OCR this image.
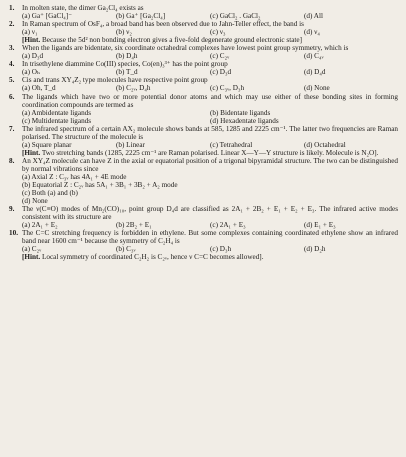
1.	In molten state, the dimer Ga₂Cl₄ exists as
(a) Ga⁺ [GaCl₄]⁻	(b) Ga⁺ [Ga₂Cl₄]	(c) GaCl₂ . GaCl₂	(d) All
2.	In Raman spectrum of OsF₄, a broad band has been observed due to Jahn-Teller effect, the band is
(a) ν₁	(b) ν₂	(c) ν₃	(d) ν₄
[Hint. Because the 5d² non bonding electron gives a five-fold degenerate ground electronic state]
3.	When the ligands are bidentate, six coordinate octahedral complexes have lowest point group symmetry, which is
(a) D₃d	(b) D₄h	(c) C₂ᵥ	(d) C₄ᵥ
4.	In trisethylene diammine Co(III) species, Co(en)₃³⁺ has the point group
(a) Oₕ	(b) T_d	(c) D₃d	(d) D₄d
5.	Cis and trans XY₄Z₂ type molecules have respective point group
(a) Oh, T_d	(b) C₂ᵥ, D₄h	(c) C₃ᵥ, D₃h	(d) None
6.	The ligands which have two or more potential donor atoms and which may use either of these bonding sites in forming coordination compounds are termed as
(a) Ambidentate ligands	(b) Bidentate ligands
(c) Multidentate ligands	(d) Hexadentate ligands
7.	The infrared spectrum of a certain AX₂ molecule shows bands at 585, 1285 and 2225 cm⁻¹. The latter two frequencies are Raman polarised. The structure of the molecule is
(a) Square planar	(b) Linear	(c) Tetrahedral	(d) Octahedral
[Hint. Two stretching bands (1285, 2225 cm⁻¹ are Raman polarised. Linear X—Y—Y structure is likely. Molecule is N₂O].
8.	An XY₄Z molecule can have Z in the axial or equatorial position of a trigonal bipyramidal structure. The two can be distinguished by normal vibrations since
(a) Axial Z : C₃ᵥ has 4A₁ + 4E mode
(b) Equatorial Z : C₂ᵥ has 5A₁ + 3B₁ + 3B₂ + A₂ mode
(c) Both (a) and (b)
(d) None
9.	The ν(C≡O) modes of Mn₂(CO)₁₀, point group D₄d are classified as 2A₁ + 2B₂ + E₁ + E₂ + E₃. The infrared active modes consistent with its structure are
(a) 2A₁ + E₂	(b) 2B₂ + E₁	(c) 2A₁ + E₃	(d) E₁ + E₃
10. The C=C stretching frequency is forbidden in ethylene. But some complexes containing coordinated ethylene show an infrared band near 1600 cm⁻¹ because the symmetry of C₂H₄ is
(a) C₂ᵥ	(b) C₃ᵥ	(c) D₃h	(d) D₂h
[Hint. Local symmetry of coordinated C₂H₂ is C₂ᵥ, hence ν C=C becomes allowed].
